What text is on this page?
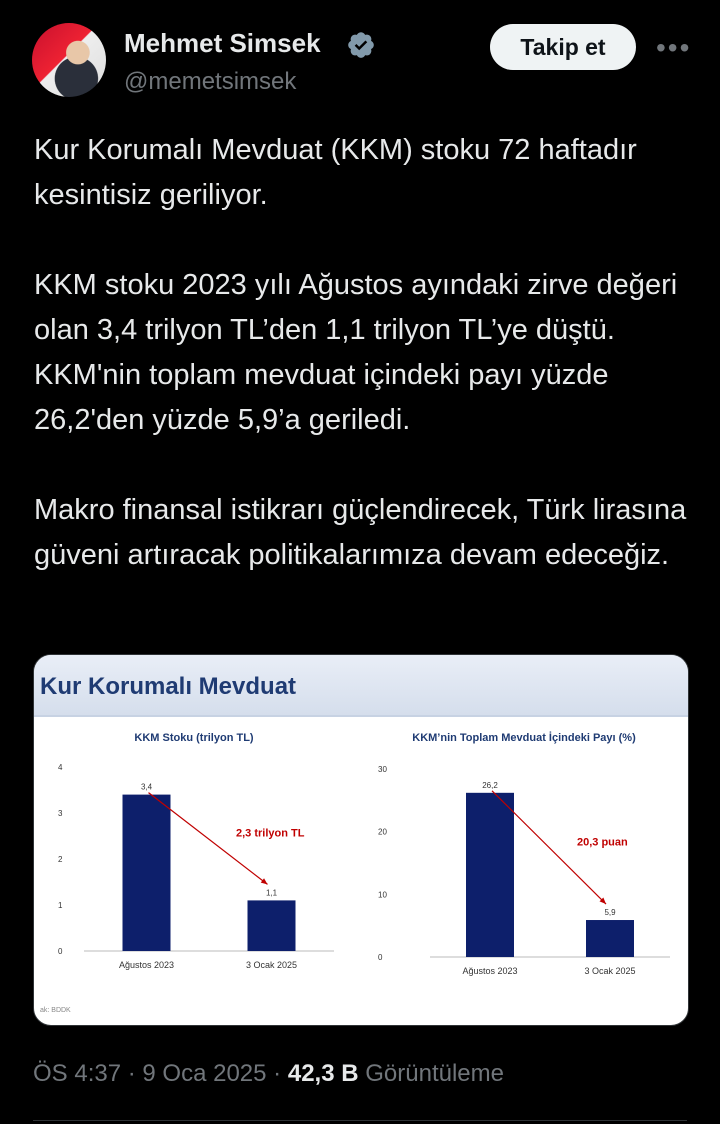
Mehmet Simsek
@memetsimsek
Takip et	•••

Kur Korumalı Mevduat (KKM) stoku 72 haftadır kesintisiz geriliyor.

KKM stoku 2023 yılı Ağustos ayındaki zirve değeri olan 3,4 trilyon TL’den 1,1 trilyon TL’ye düştü. KKM'nin toplam mevduat içindeki payı yüzde 26,2'den yüzde 5,9’a geriledi.

Makro finansal istikrarı güçlendirecek, Türk lirasına güveni artıracak politikalarımıza devam edeceğiz.

Kur Korumalı Mevduat
KKM Stoku (trilyon TL)
0
1
2
3
4
3,4
Ağustos 2023
1,1
3 Ocak 2025
2,3 trilyon TL
KKM’nin Toplam Mevduat İçindeki Payı (%)
0
10
20
30
26,2
Ağustos 2023
5,9
3 Ocak 2025
20,3 puan
ak: BDDK
ÖS 4:37 · 9 Oca 2025 · 42,3 B Görüntüleme
